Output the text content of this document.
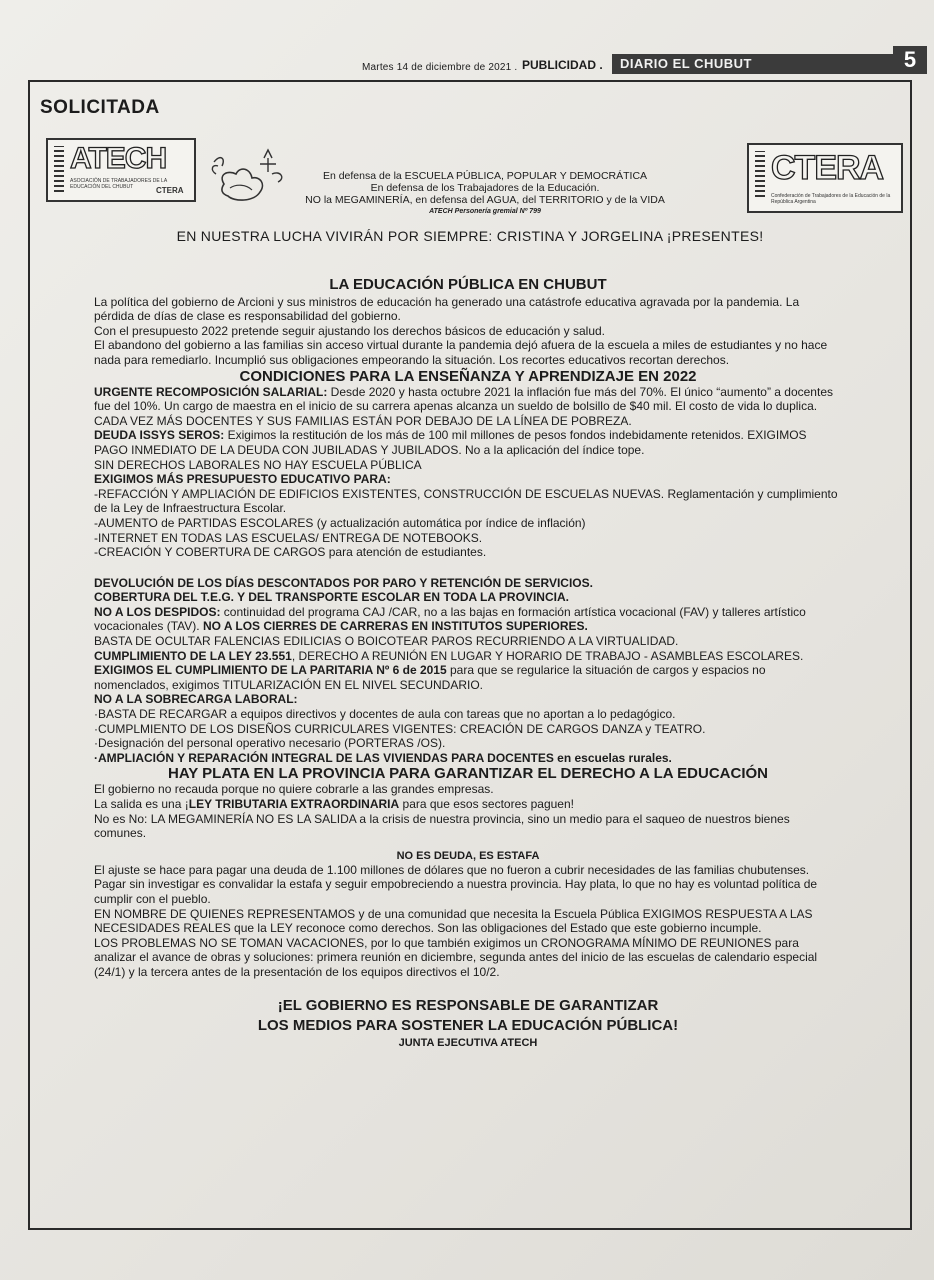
Martes 14 de diciembre de 2021 . PUBLICIDAD .	DIARIO EL CHUBUT	5
SOLICITADA
ATECH
ASOCIACIÓN DE TRABAJADORES DE LA EDUCACIÓN DEL CHUBUT	CTERA
En defensa de la ESCUELA PÚBLICA, POPULAR Y DEMOCRÁTICA
En defensa de los Trabajadores de la Educación.
NO la MEGAMINERÍA, en defensa del AGUA, del TERRITORIO y de la VIDA
ATECH Personería gremial Nº 799
CTERA
Confederación de Trabajadores de la Educación de la República Argentina
EN NUESTRA LUCHA VIVIRÁN POR SIEMPRE: CRISTINA Y JORGELINA ¡PRESENTES!

LA EDUCACIÓN PÚBLICA EN CHUBUT

La política del gobierno de Arcioni y sus ministros de educación ha generado una catástrofe educativa agravada por la pandemia. La pérdida de días de clase es responsabilidad del gobierno.

Con el presupuesto 2022 pretende seguir ajustando los derechos básicos de educación y salud.

El abandono del gobierno a las familias sin acceso virtual durante la pandemia dejó afuera de la escuela a miles de estudiantes y no hace nada para remediarlo. Incumplió sus obligaciones empeorando la situación. Los recortes educativos recortan derechos.

CONDICIONES PARA LA ENSEÑANZA Y APRENDIZAJE EN 2022

URGENTE RECOMPOSICIÓN SALARIAL: Desde 2020 y hasta octubre 2021 la inflación fue más del 70%. El único “aumento” a docentes fue del 10%. Un cargo de maestra en el inicio de su carrera apenas alcanza un sueldo de bolsillo de $40 mil. El costo de vida lo duplica. CADA VEZ MÁS DOCENTES Y SUS FAMILIAS ESTÁN POR DEBAJO DE LA LÍNEA DE POBREZA.

DEUDA ISSYS SEROS: Exigimos la restitución de los más de 100 mil millones de pesos fondos indebidamente retenidos. EXIGIMOS PAGO INMEDIATO DE LA DEUDA CON JUBILADAS Y JUBILADOS. No a la aplicación del índice tope.

SIN DERECHOS LABORALES NO HAY ESCUELA PÚBLICA

EXIGIMOS MÁS PRESUPUESTO EDUCATIVO PARA:

-REFACCIÓN Y AMPLIACIÓN DE EDIFICIOS EXISTENTES, CONSTRUCCIÓN DE ESCUELAS NUEVAS. Reglamentación y cumplimiento de la Ley de Infraestructura Escolar.

-AUMENTO de PARTIDAS ESCOLARES (y actualización automática por índice de inflación)

-INTERNET EN TODAS LAS ESCUELAS/ ENTREGA DE NOTEBOOKS.

-CREACIÓN Y COBERTURA DE CARGOS para atención de estudiantes.

DEVOLUCIÓN DE LOS DÍAS DESCONTADOS POR PARO Y RETENCIÓN DE SERVICIOS.

COBERTURA DEL T.E.G. Y DEL TRANSPORTE ESCOLAR EN TODA LA PROVINCIA.

NO A LOS DESPIDOS: continuidad del programa CAJ /CAR, no a las bajas en formación artística vocacional (FAV) y talleres artístico vocacionales (TAV). NO A LOS CIERRES DE CARRERAS EN INSTITUTOS SUPERIORES.

BASTA DE OCULTAR FALENCIAS EDILICIAS O BOICOTEAR PAROS RECURRIENDO A LA VIRTUALIDAD.

CUMPLIMIENTO DE LA LEY 23.551, DERECHO A REUNIÓN EN LUGAR Y HORARIO DE TRABAJO - ASAMBLEAS ESCOLARES.

EXIGIMOS EL CUMPLIMIENTO DE LA PARITARIA Nº 6 de 2015 para que se regularice la situación de cargos y espacios no nomenclados, exigimos TITULARIZACIÓN EN EL NIVEL SECUNDARIO.

NO A LA SOBRECARGA LABORAL:

·BASTA DE RECARGAR a equipos directivos y docentes de aula con tareas que no aportan a lo pedagógico.

·CUMPLMIENTO DE LOS DISEÑOS CURRICULARES VIGENTES: CREACIÓN DE CARGOS DANZA y TEATRO.

·Designación del personal operativo necesario (PORTERAS /OS).

·AMPLIACIÓN Y REPARACIÓN INTEGRAL DE LAS VIVIENDAS PARA DOCENTES en escuelas rurales.

HAY PLATA EN LA PROVINCIA PARA GARANTIZAR EL DERECHO A LA EDUCACIÓN

El gobierno no recauda porque no quiere cobrarle a las grandes empresas.

La salida es una ¡LEY TRIBUTARIA EXTRAORDINARIA para que esos sectores paguen!

No es No: LA MEGAMINERÍA NO ES LA SALIDA a la crisis de nuestra provincia, sino un medio para el saqueo de nuestros bienes comunes.

NO ES DEUDA, ES ESTAFA

El ajuste se hace para pagar una deuda de 1.100 millones de dólares que no fueron a cubrir necesidades de las familias chubutenses. Pagar sin investigar es convalidar la estafa y seguir empobreciendo a nuestra provincia. Hay plata, lo que no hay es voluntad política de cumplir con el pueblo.

EN NOMBRE DE QUIENES REPRESENTAMOS y de una comunidad que necesita la Escuela Pública EXIGIMOS RESPUESTA A LAS NECESIDADES REALES que la LEY reconoce como derechos. Son las obligaciones del Estado que este gobierno incumple.

LOS PROBLEMAS NO SE TOMAN VACACIONES, por lo que también exigimos un CRONOGRAMA MÍNIMO DE REUNIONES para analizar el avance de obras y soluciones: primera reunión en diciembre, segunda antes del inicio de las escuelas de calendario especial (24/1) y la tercera antes de la presentación de los equipos directivos el 10/2.

¡EL GOBIERNO ES RESPONSABLE DE GARANTIZAR

LOS MEDIOS PARA SOSTENER LA EDUCACIÓN PÚBLICA!

JUNTA EJECUTIVA ATECH
